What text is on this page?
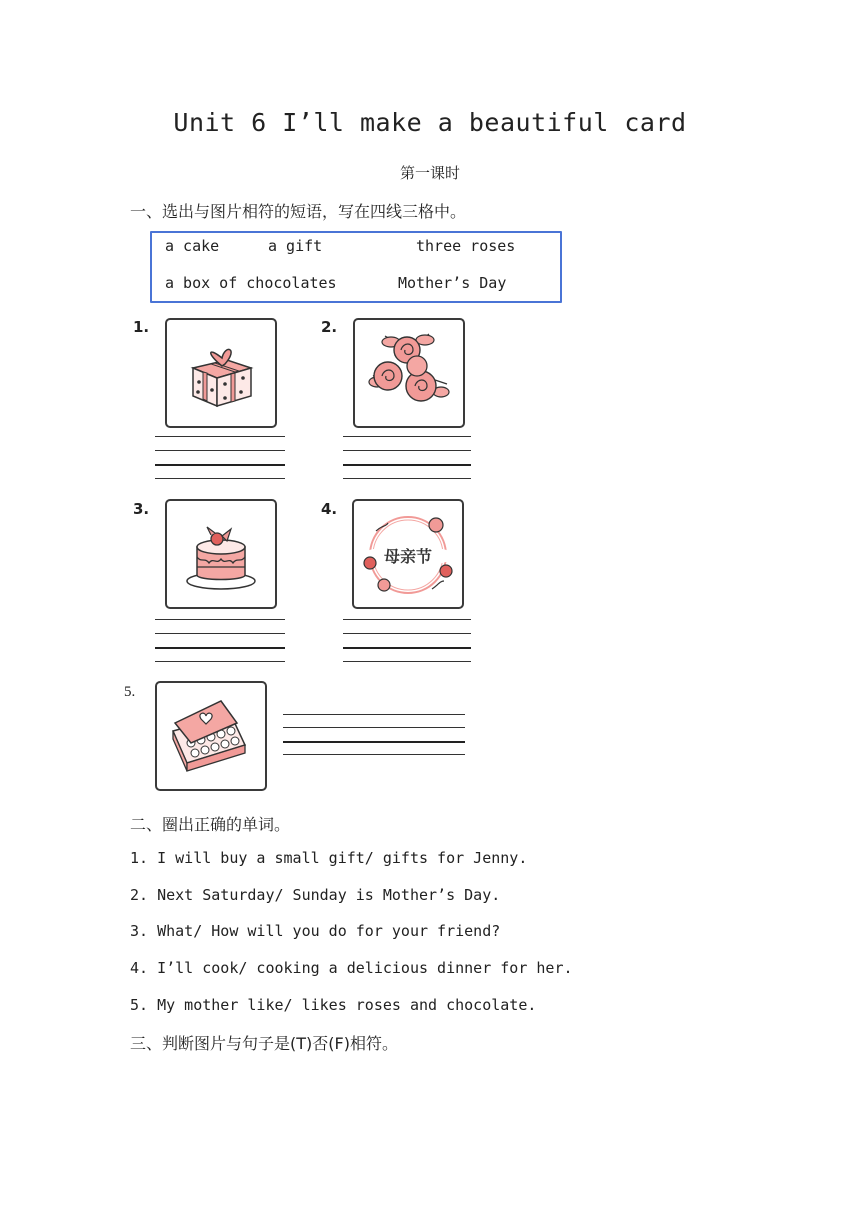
Unit 6 I’ll make a beautiful card
第一课时
一、选出与图片相符的短语，写在四线三格中。
a cake	a gift	three roses
a box of chocolates	Mother’s Day
1.	2.
3.	4.
母亲节
5.
二、圈出正确的单词。
1. I will buy a small gift/ gifts for Jenny.
2. Next Saturday/ Sunday is Mother’s Day.
3. What/ How will you do for your friend?
4. I’ll cook/ cooking a delicious dinner for her.
5. My mother like/ likes roses and chocolate.
三、判断图片与句子是(T)否(F)相符。
